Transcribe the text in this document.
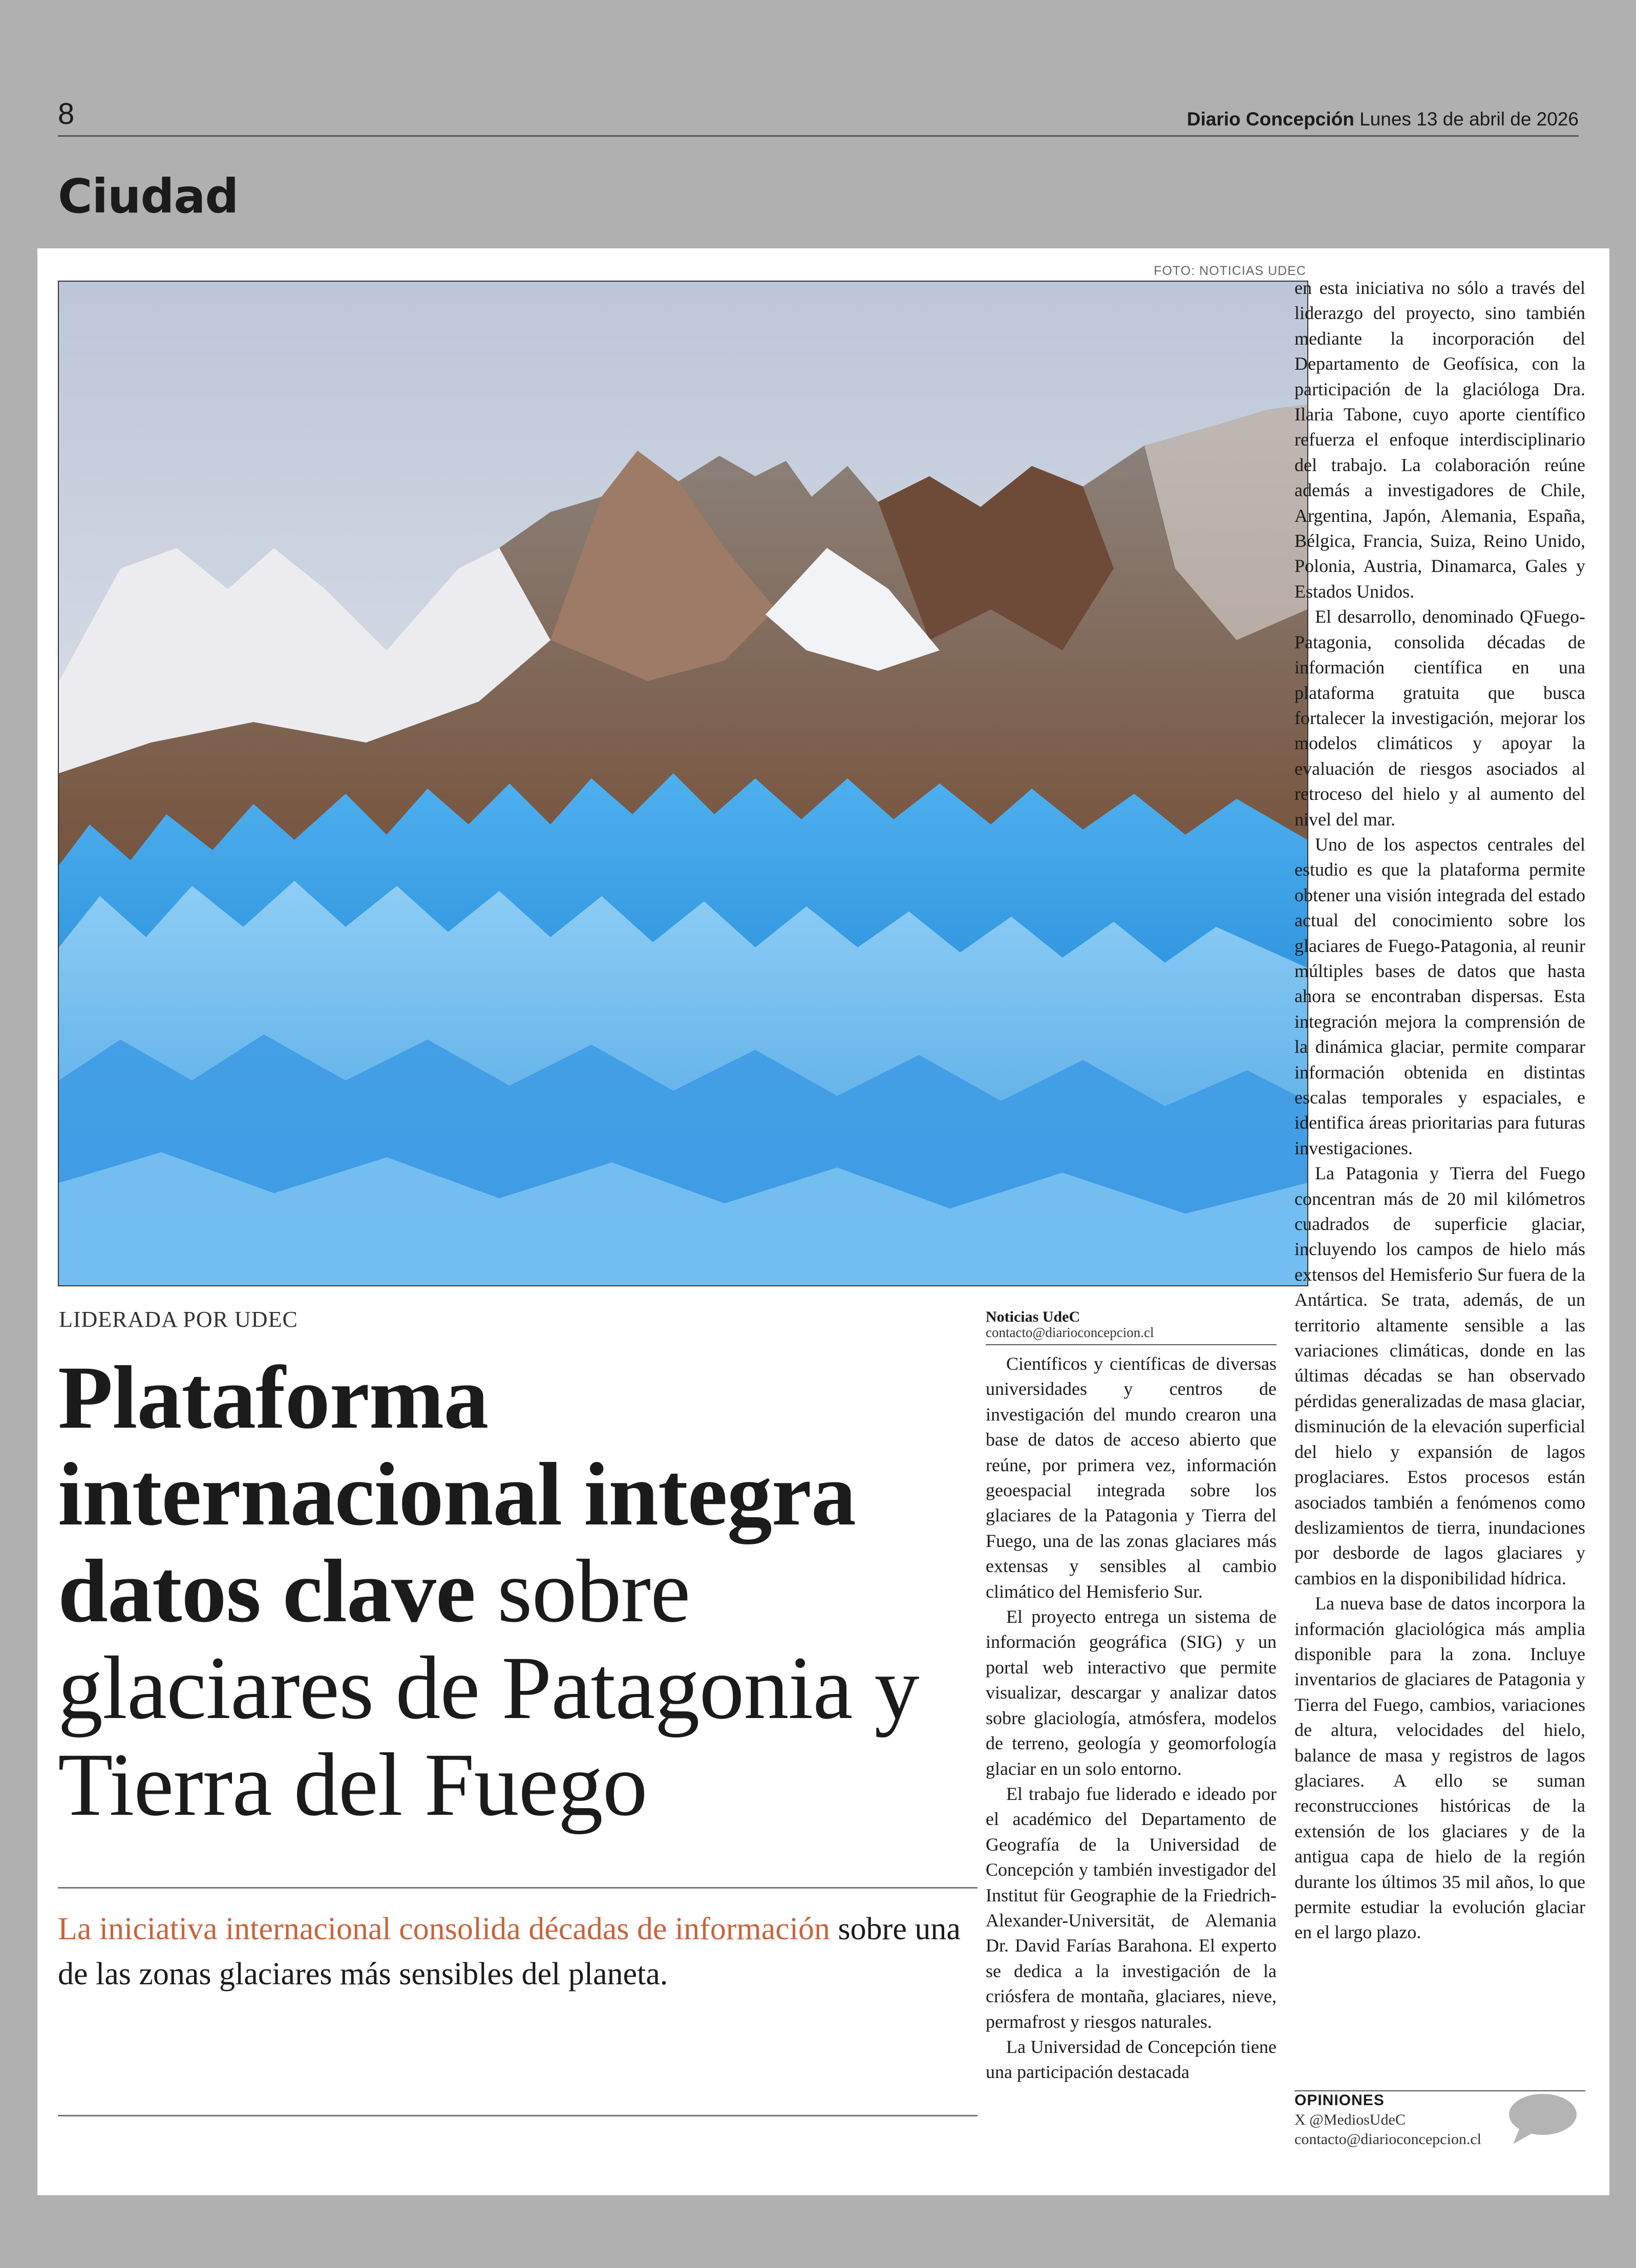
8	Diario Concepción Lunes 13 de abril de 2026
Ciudad
FOTO: NOTICIAS UDEC
LIDERADA POR UDEC
Plataforma internacional integra datos clave sobre glaciares de Patagonia y Tierra del Fuego
La iniciativa internacional consolida décadas de información sobre una de las zonas glaciares más sensibles del planeta.
Noticias UdeC
contacto@diarioconcepcion.cl

Científicos y científicas de diversas universidades y centros de investigación del mundo crearon una base de datos de acceso abierto que reúne, por primera vez, información geoespacial integrada sobre los glaciares de la Patagonia y Tierra del Fuego, una de las zonas glaciares más extensas y sensibles al cambio climático del Hemisferio Sur.

El proyecto entrega un sistema de información geográfica (SIG) y un portal web interactivo que permite visualizar, descargar y analizar datos sobre glaciología, atmósfera, modelos de terreno, geología y geomorfología glaciar en un solo entorno.

El trabajo fue liderado e ideado por el académico del Departamento de Geografía de la Universidad de Concepción y también investigador del Institut für Geographie de la Friedrich-Alexander-Universität, de Alemania Dr. David Farías Barahona. El experto se dedica a la investigación de la criósfera de montaña, glaciares, nieve, permafrost y riesgos naturales.

La Universidad de Concepción tiene una participación destacada

en esta iniciativa no sólo a través del liderazgo del proyecto, sino también mediante la incorporación del Departamento de Geofísica, con la participación de la glacióloga Dra. Ilaria Tabone, cuyo aporte científico refuerza el enfoque interdisciplinario del trabajo. La colaboración reúne además a investigadores de Chile, Argentina, Japón, Alemania, España, Bélgica, Francia, Suiza, Reino Unido, Polonia, Austria, Dinamarca, Gales y Estados Unidos.

El desarrollo, denominado QFuego-Patagonia, consolida décadas de información científica en una plataforma gratuita que busca fortalecer la investigación, mejorar los modelos climáticos y apoyar la evaluación de riesgos asociados al retroceso del hielo y al aumento del nivel del mar.

Uno de los aspectos centrales del estudio es que la plataforma permite obtener una visión integrada del estado actual del conocimiento sobre los glaciares de Fuego-Patagonia, al reunir múltiples bases de datos que hasta ahora se encontraban dispersas. Esta integración mejora la comprensión de la dinámica glaciar, permite comparar información obtenida en distintas escalas temporales y espaciales, e identifica áreas prioritarias para futuras investigaciones.

La Patagonia y Tierra del Fuego concentran más de 20 mil kilómetros cuadrados de superficie glaciar, incluyendo los campos de hielo más extensos del Hemisferio Sur fuera de la Antártica. Se trata, además, de un territorio altamente sensible a las variaciones climáticas, donde en las últimas décadas se han observado pérdidas generalizadas de masa glaciar, disminución de la elevación superficial del hielo y expansión de lagos proglaciares. Estos procesos están asociados también a fenómenos como deslizamientos de tierra, inundaciones por desborde de lagos glaciares y cambios en la disponibilidad hídrica.

La nueva base de datos incorpora la información glaciológica más amplia disponible para la zona. Incluye inventarios de glaciares de Patagonia y Tierra del Fuego, cambios, variaciones de altura, velocidades del hielo, balance de masa y registros de lagos glaciares. A ello se suman reconstrucciones históricas de la extensión de los glaciares y de la antigua capa de hielo de la región durante los últimos 35 mil años, lo que permite estudiar la evolución glaciar en el largo plazo.

OPINIONES
X @MediosUdeC
contacto@diarioconcepcion.cl
